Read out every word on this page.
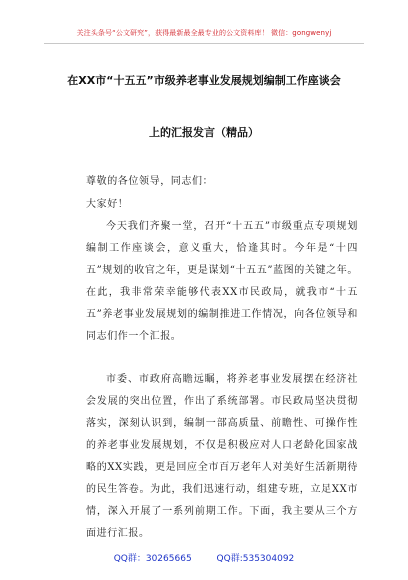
关注头条号“公文研究”，获得最新最全最专业的公文资料库！ 微信：gongwenyj
在XX市“十五五”市级养老事业发展规划编制工作座谈会
上的汇报发言（精品）
尊敬的各位领导，同志们：
大家好！
今天我们齐聚一堂，召开“十五五”市级重点专项规划编制工作座谈会，意义重大，恰逢其时。今年是“十四五”规划的收官之年，更是谋划“十五五”蓝图的关键之年。在此，我非常荣幸能够代表XX市民政局，就我市“十五五”养老事业发展规划的编制推进工作情况，向各位领导和同志们作一个汇报。
市委、市政府高瞻远瞩，将养老事业发展摆在经济社会发展的突出位置，作出了系统部署。市民政局坚决贯彻落实，深刻认识到，编制一部高质量、前瞻性、可操作性的养老事业发展规划，不仅是积极应对人口老龄化国家战略的XX实践，更是回应全市百万老年人对美好生活新期待的民生答卷。为此，我们迅速行动，组建专班，立足XX市情，深入开展了一系列前期工作。下面，我主要从三个方面进行汇报。
QQ群：30265665	QQ群:535304092
